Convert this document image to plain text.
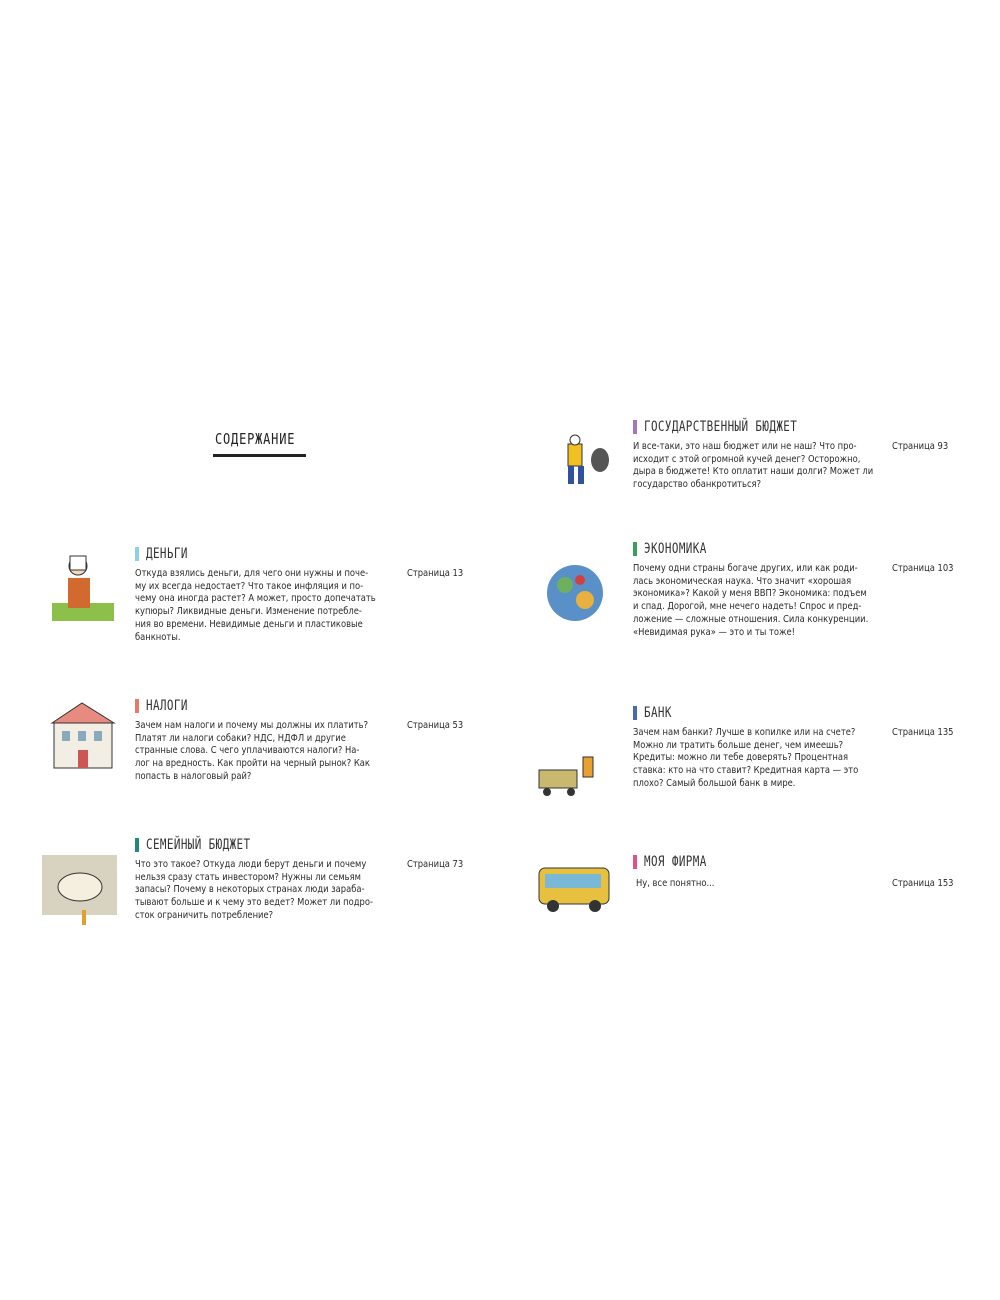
СОДЕРЖАНИЕ
ДЕНЬГИ
Откуда взялись деньги, для чего они нужны и поче-
му их всегда недостает? Что такое инфляция и по-
чему она иногда растет? А может, просто допечатать
купюры? Ликвидные деньги. Изменение потребле-
ния во времени. Невидимые деньги и пластиковые
банкноты.
Страница 13
НАЛОГИ
Зачем нам налоги и почему мы должны их платить?
Платят ли налоги собаки? НДС, НДФЛ и другие
странные слова. С чего уплачиваются налоги? На-
лог на вредность. Как пройти на черный рынок? Как
попасть в налоговый рай?
Страница 53
СЕМЕЙНЫЙ БЮДЖЕТ
Что это такое? Откуда люди берут деньги и почему
нельзя сразу стать инвестором? Нужны ли семьям
запасы? Почему в некоторых странах люди зараба-
тывают больше и к чему это ведет? Может ли подро-
сток ограничить потребление?
Страница 73
ГОСУДАРСТВЕННЫЙ БЮДЖЕТ
И все-таки, это наш бюджет или не наш? Что про-
исходит с этой огромной кучей денег? Осторожно,
дыра в бюджете! Кто оплатит наши долги? Может ли
государство обанкротиться?
Страница 93
ЭКОНОМИКА
Почему одни страны богаче других, или как роди-
лась экономическая наука. Что значит «хорошая
экономика»? Какой у меня ВВП? Экономика: подъем
и спад. Дорогой, мне нечего надеть! Спрос и пред-
ложение — сложные отношения. Сила конкуренции.
«Невидимая рука» — это и ты тоже!
Страница 103
БАНК
Зачем нам банки? Лучше в копилке или на счете?
Можно ли тратить больше денег, чем имеешь?
Кредиты: можно ли тебе доверять? Процентная
ставка: кто на что ставит? Кредитная карта — это
плохо? Самый большой банк в мире.
Страница 135
МОЯ ФИРМА
Ну, все понятно...	Страница 153
